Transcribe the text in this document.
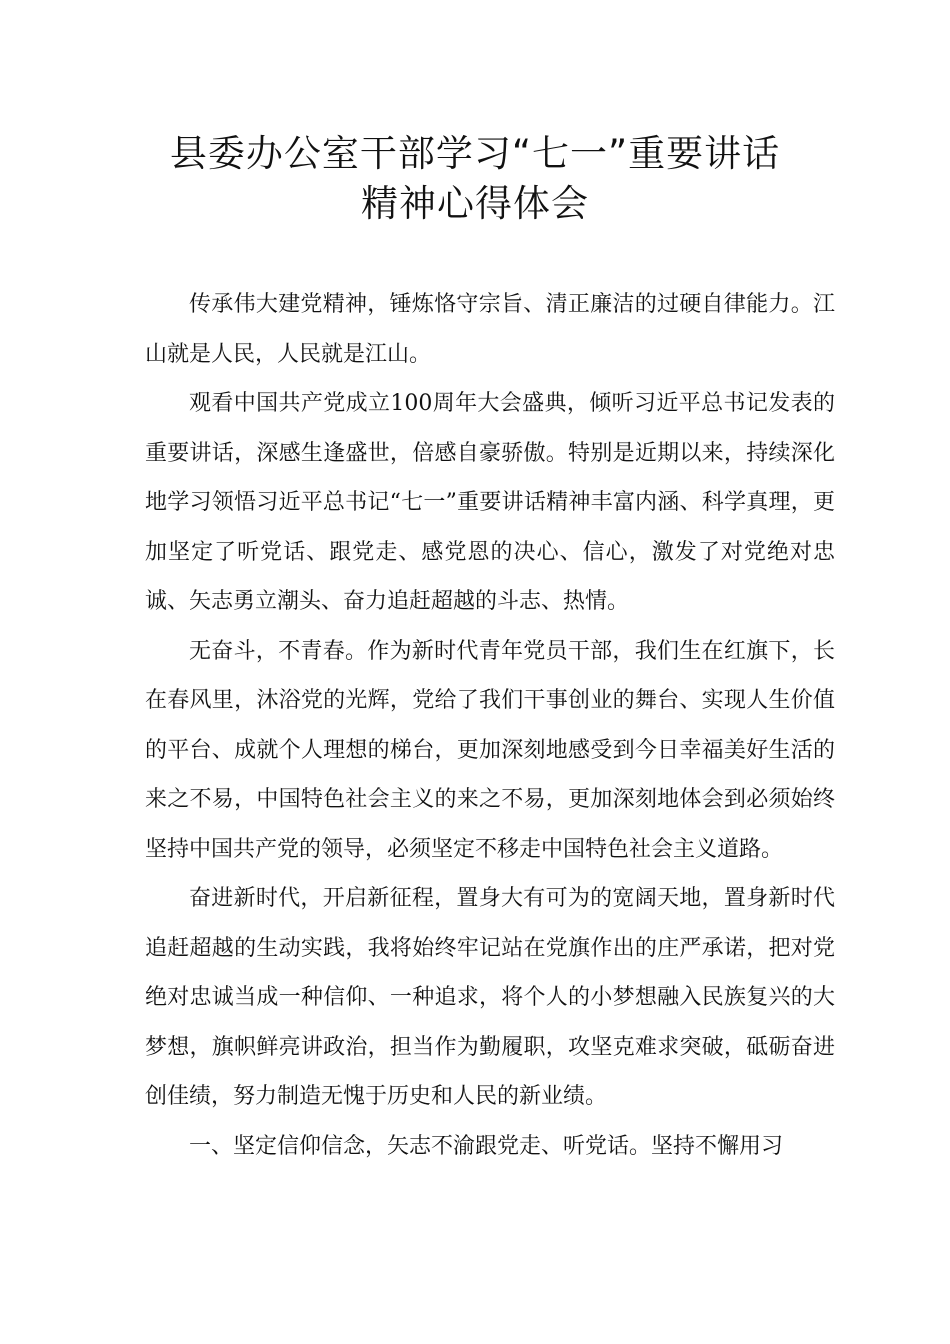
县委办公室干部学习“七一”重要讲话
精神心得体会

传承伟大建党精神，锤炼恪守宗旨、清正廉洁的过硬自律能力。江山就是人民，人民就是江山。

观看中国共产党成立100周年大会盛典，倾听习近平总书记发表的重要讲话，深感生逢盛世，倍感自豪骄傲。特别是近期以来，持续深化地学习领悟习近平总书记“七一”重要讲话精神丰富内涵、科学真理，更加坚定了听党话、跟党走、感党恩的决心、信心，激发了对党绝对忠诚、矢志勇立潮头、奋力追赶超越的斗志、热情。

无奋斗，不青春。作为新时代青年党员干部，我们生在红旗下，长在春风里，沐浴党的光辉，党给了我们干事创业的舞台、实现人生价值的平台、成就个人理想的梯台，更加深刻地感受到今日幸福美好生活的来之不易，中国特色社会主义的来之不易，更加深刻地体会到必须始终坚持中国共产党的领导，必须坚定不移走中国特色社会主义道路。

奋进新时代，开启新征程，置身大有可为的宽阔天地，置身新时代追赶超越的生动实践，我将始终牢记站在党旗作出的庄严承诺，把对党绝对忠诚当成一种信仰、一种追求，将个人的小梦想融入民族复兴的大梦想，旗帜鲜亮讲政治，担当作为勤履职，攻坚克难求突破，砥砺奋进创佳绩，努力制造无愧于历史和人民的新业绩。

一、坚定信仰信念，矢志不渝跟党走、听党话。坚持不懈用习
